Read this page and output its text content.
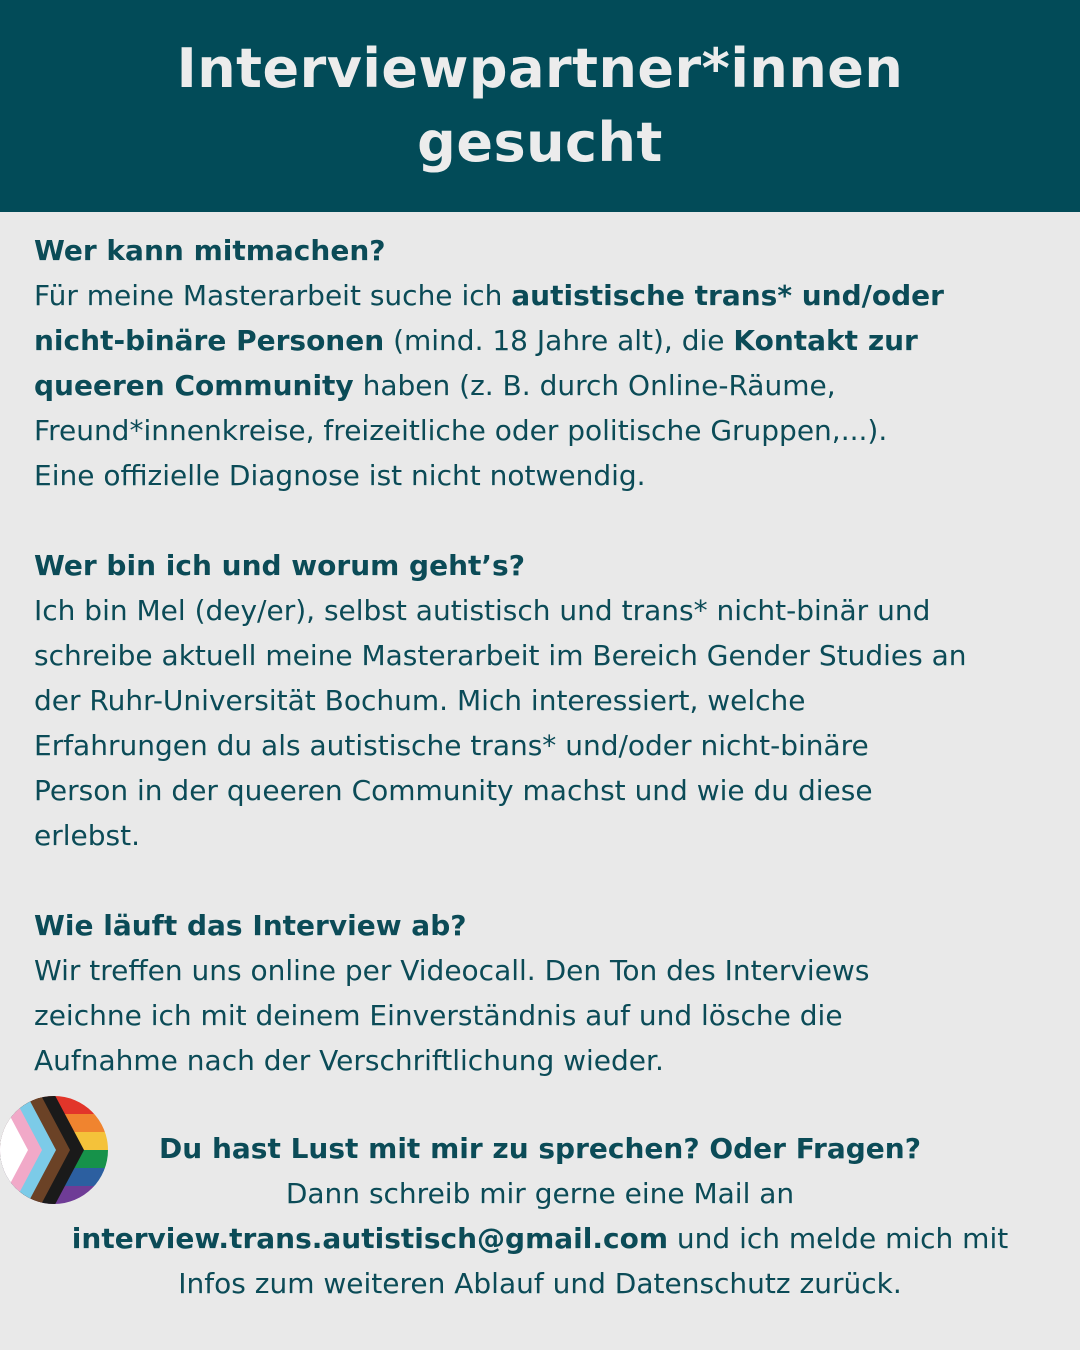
Interviewpartner*innen
gesucht

Wer kann mitmachen?

Für meine Masterarbeit suche ich autistische trans* und/oder

nicht-binäre Personen (mind. 18 Jahre alt), die Kontakt zur

queeren Community haben (z. B. durch Online-Räume,

Freund*innenkreise, freizeitliche oder politische Gruppen,...).

Eine offizielle Diagnose ist nicht notwendig.

Wer bin ich und worum geht’s?

Ich bin Mel (dey/er), selbst autistisch und trans* nicht-binär und

schreibe aktuell meine Masterarbeit im Bereich Gender Studies an

der Ruhr-Universität Bochum. Mich interessiert, welche

Erfahrungen du als autistische trans* und/oder nicht-binäre

Person in der queeren Community machst und wie du diese

erlebst.

Wie läuft das Interview ab?

Wir treffen uns online per Videocall. Den Ton des Interviews

zeichne ich mit deinem Einverständnis auf und lösche die

Aufnahme nach der Verschriftlichung wieder.

Du hast Lust mit mir zu sprechen? Oder Fragen?
Dann schreib mir gerne eine Mail an
interview.trans.autistisch@gmail.com und ich melde mich mit
Infos zum weiteren Ablauf und Datenschutz zurück.
